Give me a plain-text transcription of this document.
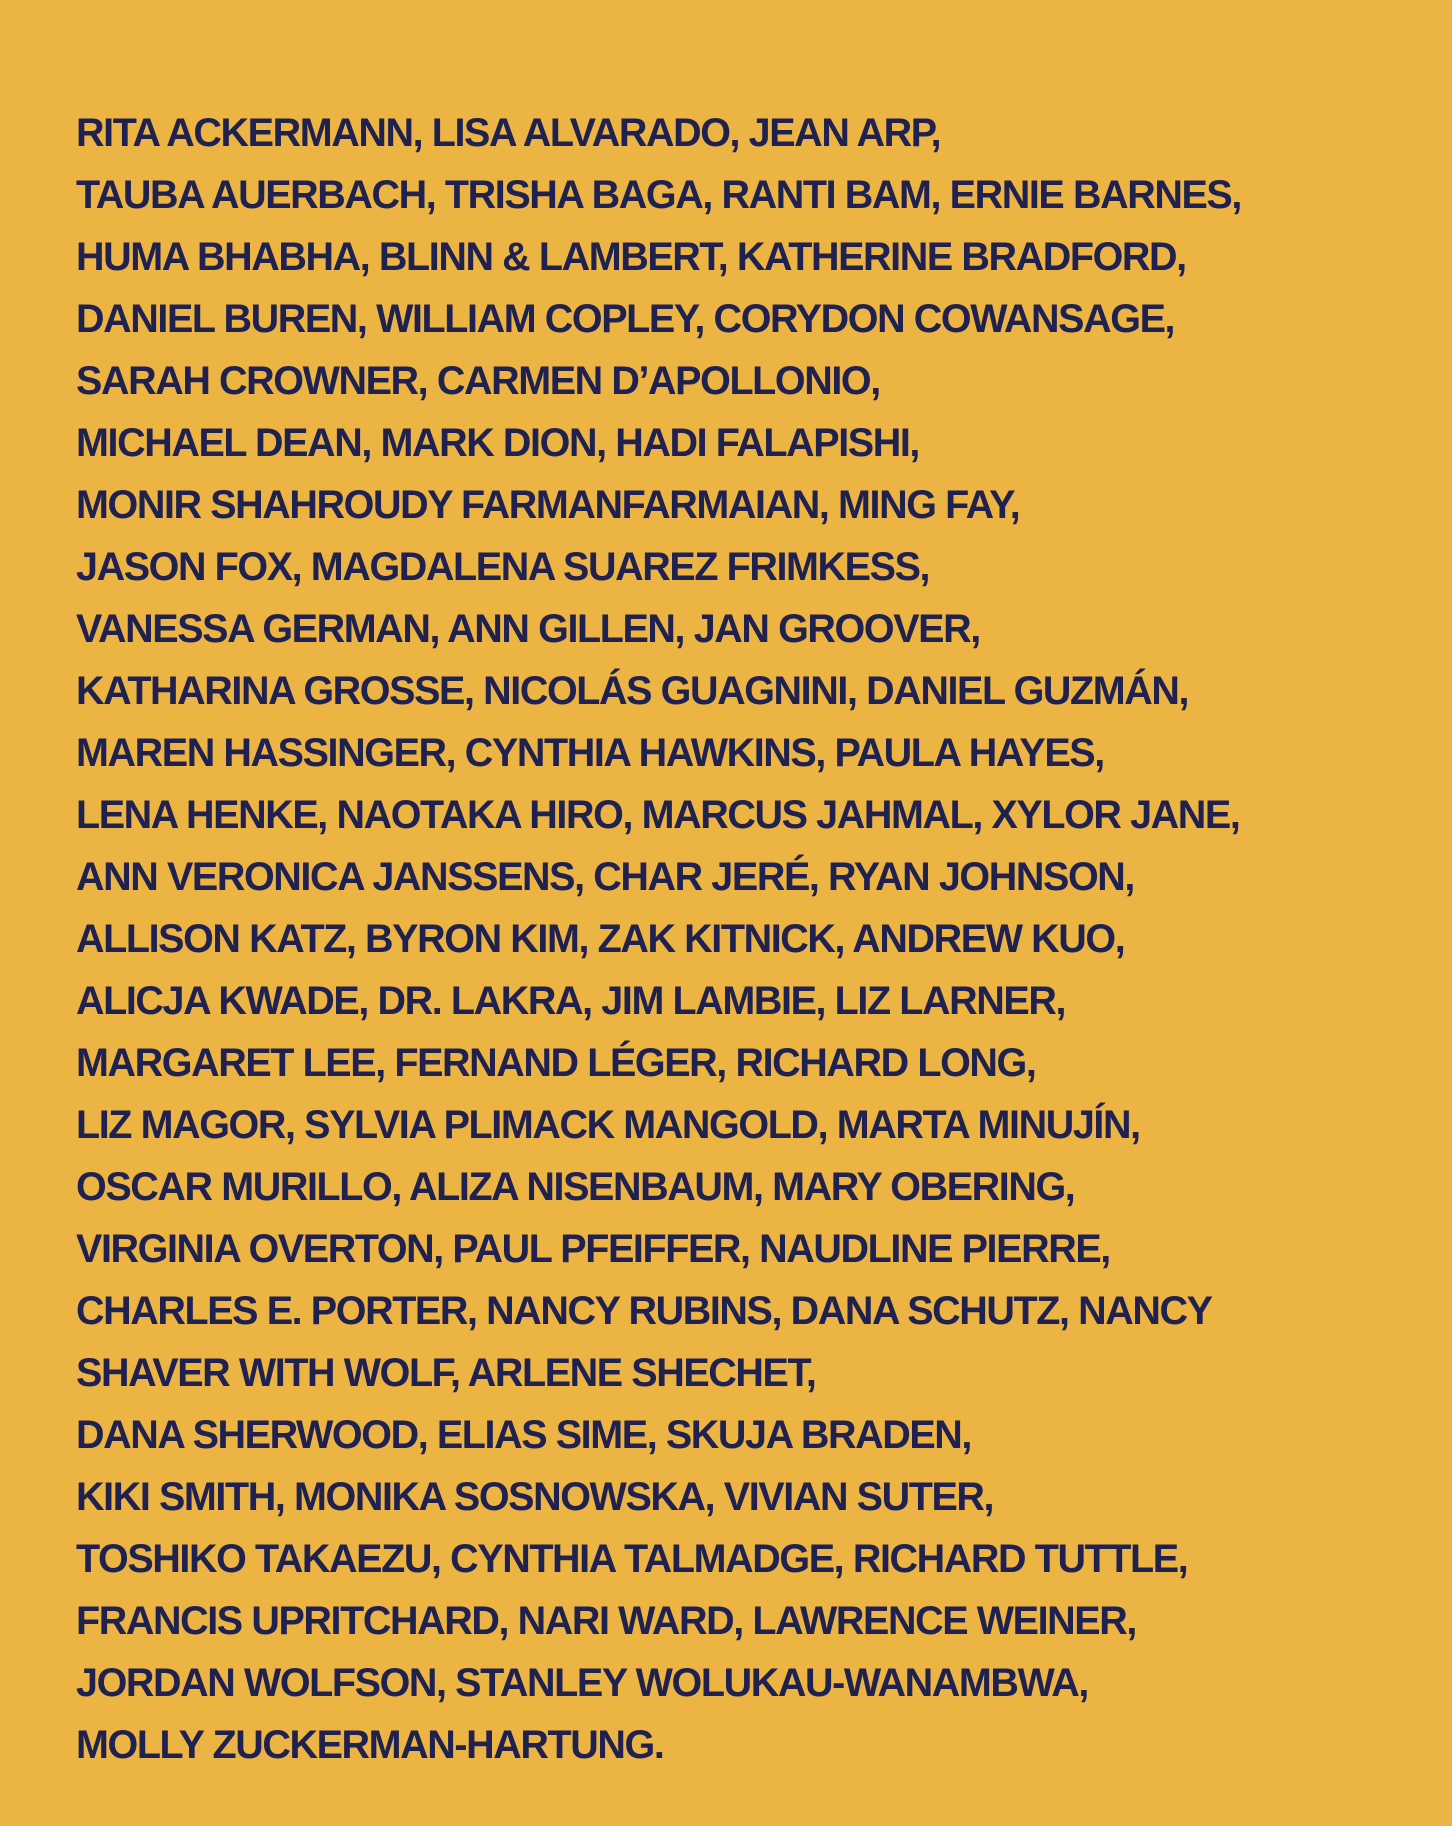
RITA ACKERMANN, LISA ALVARADO, JEAN ARP,
TAUBA AUERBACH, TRISHA BAGA, RANTI BAM, ERNIE BARNES,
HUMA BHABHA, BLINN & LAMBERT, KATHERINE BRADFORD,
DANIEL BUREN, WILLIAM COPLEY, CORYDON COWANSAGE,
SARAH CROWNER, CARMEN D’APOLLONIO,
MICHAEL DEAN, MARK DION, HADI FALAPISHI,
MONIR SHAHROUDY FARMANFARMAIAN, MING FAY,
JASON FOX, MAGDALENA SUAREZ FRIMKESS,
VANESSA GERMAN, ANN GILLEN, JAN GROOVER,
KATHARINA GROSSE, NICOLÁS GUAGNINI, DANIEL GUZMÁN,
MAREN HASSINGER, CYNTHIA HAWKINS, PAULA HAYES,
LENA HENKE, NAOTAKA HIRO, MARCUS JAHMAL, XYLOR JANE,
ANN VERONICA JANSSENS, CHAR JERÉ, RYAN JOHNSON,
ALLISON KATZ, BYRON KIM, ZAK KITNICK, ANDREW KUO,
ALICJA KWADE, DR. LAKRA, JIM LAMBIE, LIZ LARNER,
MARGARET LEE, FERNAND LÉGER, RICHARD LONG,
LIZ MAGOR, SYLVIA PLIMACK MANGOLD, MARTA MINUJÍN,
OSCAR MURILLO, ALIZA NISENBAUM, MARY OBERING,
VIRGINIA OVERTON, PAUL PFEIFFER, NAUDLINE PIERRE,
CHARLES E. PORTER, NANCY RUBINS, DANA SCHUTZ, NANCY
SHAVER WITH WOLF, ARLENE SHECHET,
DANA SHERWOOD, ELIAS SIME, SKUJA BRADEN,
KIKI SMITH, MONIKA SOSNOWSKA, VIVIAN SUTER,
TOSHIKO TAKAEZU, CYNTHIA TALMADGE, RICHARD TUTTLE,
FRANCIS UPRITCHARD, NARI WARD, LAWRENCE WEINER,
JORDAN WOLFSON, STANLEY WOLUKAU-WANAMBWA,
MOLLY ZUCKERMAN-HARTUNG.
